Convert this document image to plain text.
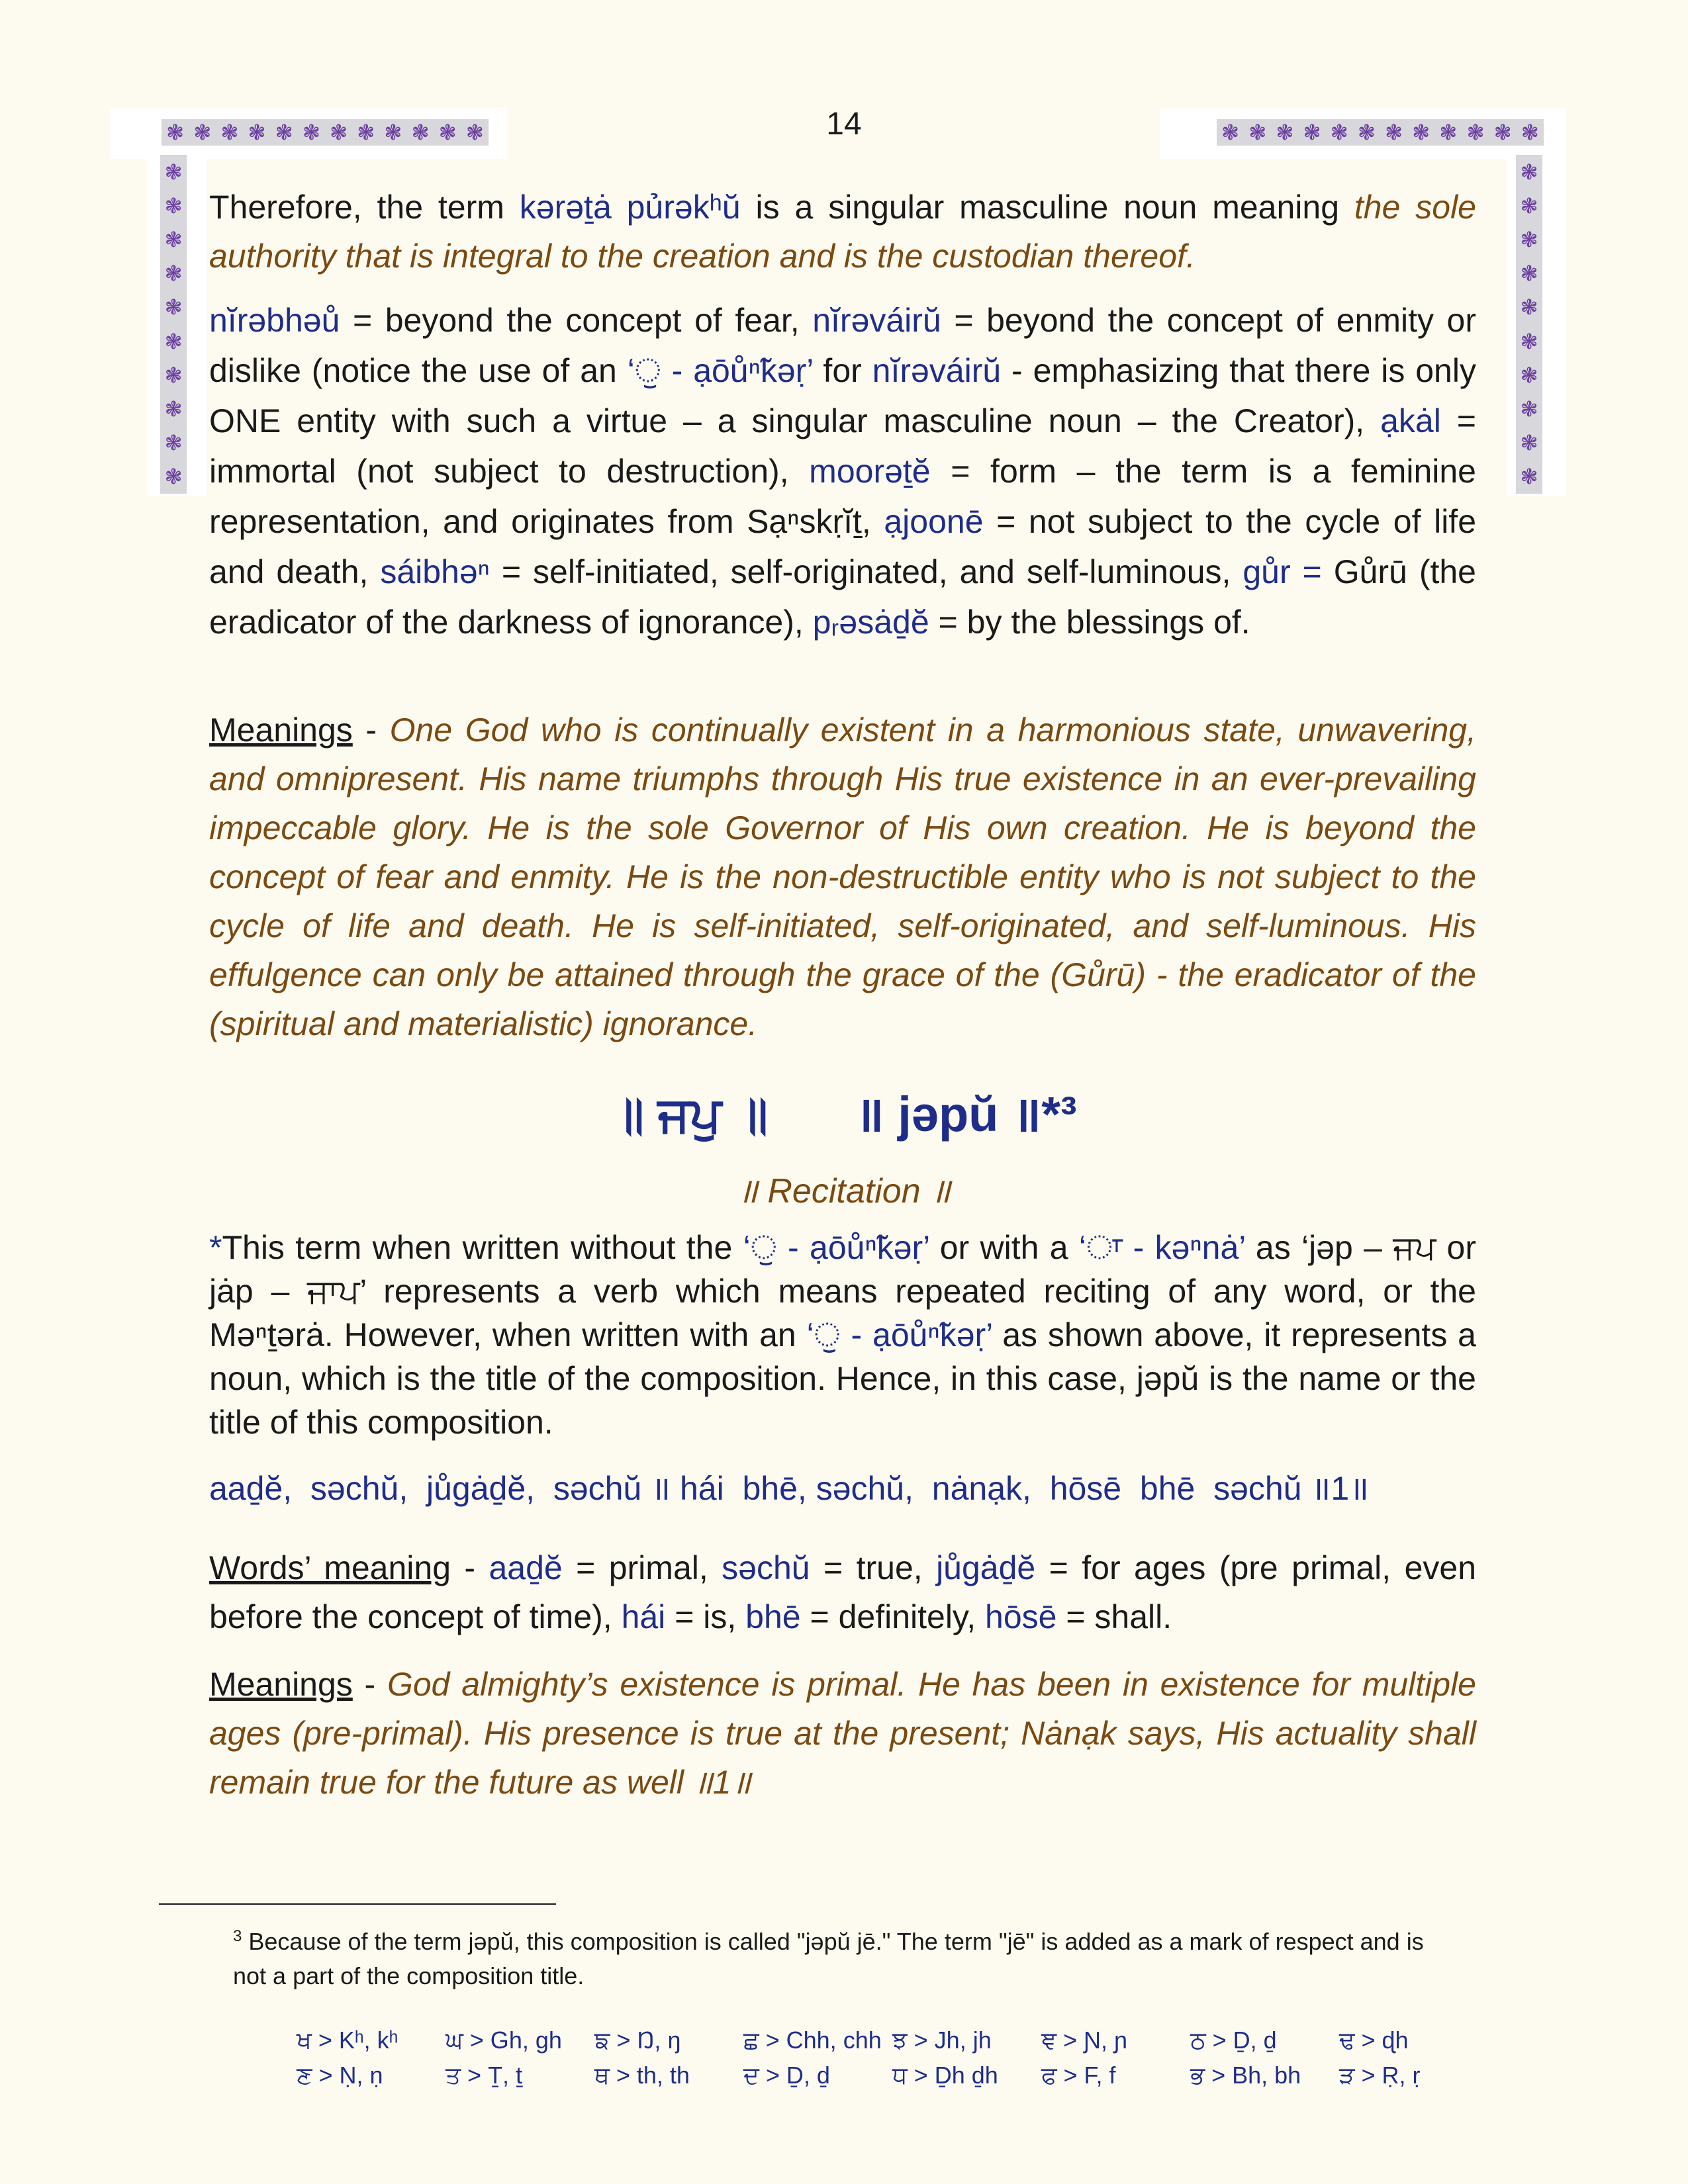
❃ ❃ ❃ ❃ ❃ ❃ ❃ ❃ ❃ ❃ ❃ ❃	❃ ❃ ❃ ❃ ❃ ❃ ❃ ❃ ❃ ❃ ❃ ❃
❃
❃
❃
❃
❃
❃
❃
❃
❃
❃
❃
❃
❃
❃
❃
❃
❃
❃
❃
❃
14
Therefore, the term kərəṯȧ pủrəkʰŭ is a singular masculine noun meaning the sole authority that is integral to the creation and is the custodian thereof.
nĭrəbhəů = beyond the concept of fear, nĭrəváirŭ = beyond the concept of enmity or dislike (notice the use of an ‘ੁ - ạōůⁿ̃kəṛ’ for nĭrəváirŭ - emphasizing that there is only ONE entity with such a virtue – a singular masculine noun – the Creator), ạkȧl = immortal (not subject to destruction), moorəṯĕ = form – the term is a feminine representation, and originates from Sạⁿskṛĭṯ, ạjoonē = not subject to the cycle of life and death, sáibhəⁿ = self-initiated, self-originated, and self-luminous, gůr = Gůrū (the eradicator of the darkness of ignorance), pᵣəsȧḏĕ = by the blessings of.
Meanings - One God who is continually existent in a harmonious state, unwavering, and omnipresent. His name triumphs through His true existence in an ever-prevailing impeccable glory. He is the sole Governor of His own creation. He is beyond the concept of fear and enmity. He is the non-destructible entity who is not subject to the cycle of life and death. He is self-initiated, self-originated, and self-luminous. His effulgence can only be attained through the grace of the (Gůrū) - the eradicator of the (spiritual and materialistic) ignorance.
॥ ਜਪੁ ॥ ॥ jəpŭ ॥*³
॥ Recitation ॥
*This term when written without the ‘ੁ - ạōůⁿ̃kəṛ’ or with a ‘ਾ - kəⁿnȧ’ as ‘jəp – ਜਪ or jȧp – ਜਾਪ’ represents a verb which means repeated reciting of any word, or the Məⁿṯərȧ. However, when written with an ‘ੁ - ạōůⁿ̃kəṛ’ as shown above, it represents a noun, which is the title of the composition. Hence, in this case, jəpŭ is the name or the title of this composition.
aaḏĕ,  səchŭ,  jůgȧḏĕ,  səchŭ ॥ hái  bhē, səchŭ,  nȧnạk,  hōsē  bhē  səchŭ ॥1॥
Words’ meaning - aaḏĕ = primal, səchŭ = true, jůgȧḏĕ = for ages (pre primal, even before the concept of time), hái = is, bhē = definitely, hōsē = shall.
Meanings - God almighty’s existence is primal. He has been in existence for multiple ages (pre-primal). His presence is true at the present; Nȧnạk says, His actuality shall remain true for the future as well ॥1॥
$^3$ Because of the term jəpŭ, this composition is called "jəpŭ jē." The term "jē" is added as a mark of respect and is not a part of the composition title.
ਖ > Kʰ, kʰ	ਘ > Gh, gh	ਙ > Ŋ, ŋ	ਛ > Chh, chh ਝ > Jh, jh	ਞ > Ɲ, ɲ	ਠ > Ḏ, ḏ	ਢ > ɖh
ਣ > Ṇ, ṇ	ਤ > Ṯ, ṯ	ਥ > th, th	ਦ > Ḏ, ḏ	ਧ > Ḏh ḏh	ਫ > F, f	ਭ > Bh, bh	ੜ > Ṛ, ṛ
